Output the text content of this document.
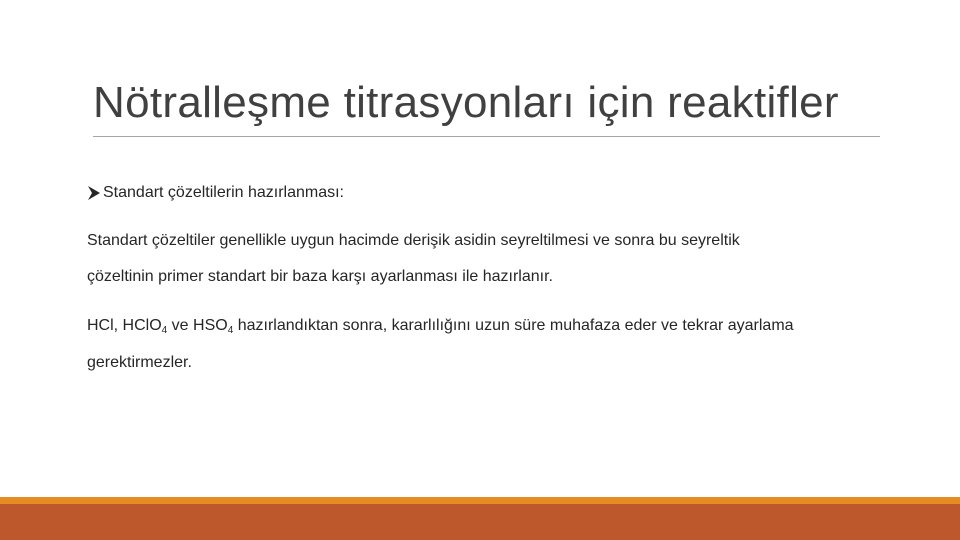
Nötralleşme titrasyonları için reaktifler
Standart çözeltilerin hazırlanması:
Standart çözeltiler genellikle uygun hacimde derişik asidin seyreltilmesi ve sonra bu seyreltik
çözeltinin primer standart bir baza karşı ayarlanması ile hazırlanır.
HCl, HClO$_4$ ve $HSO_4$ hazırlandıktan sonra, kararlılığını uzun süre muhafaza eder ve tekrar ayarlama
gerektirmezler.
